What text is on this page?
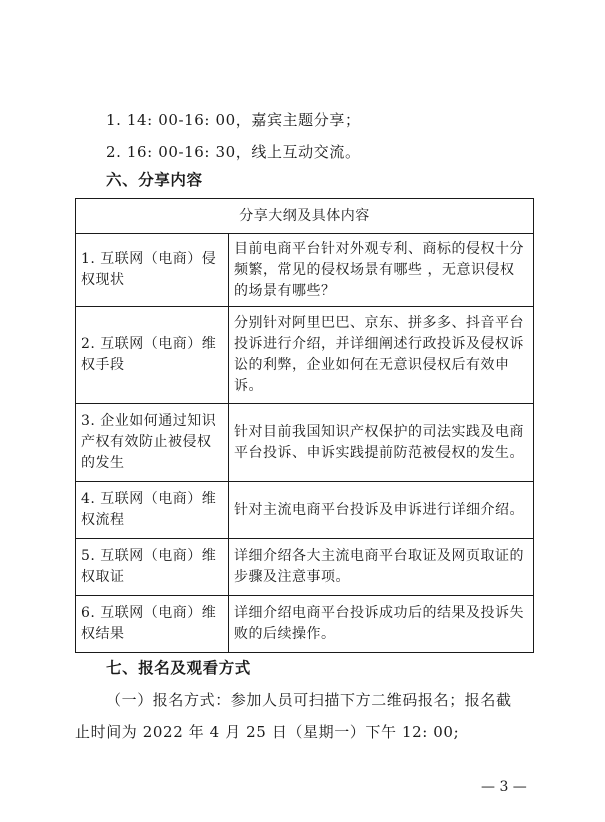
1. 14: 00-16: 00，嘉宾主题分享；
2. 16: 00-16: 30，线上互动交流。
六、分享内容
分享大纲及具体内容	
1. 互联网（电商）侵权现状	目前电商平台针对外观专利、商标的侵权十分频繁，常见的侵权场景有哪些 ，无意识侵权的场景有哪些？
2. 互联网（电商）维权手段	分别针对阿里巴巴、京东、拼多多、抖音平台投诉进行介绍，并详细阐述行政投诉及侵权诉讼的利弊，企业如何在无意识侵权后有效申诉。
3. 企业如何通过知识产权有效防止被侵权的发生	针对目前我国知识产权保护的司法实践及电商平台投诉、申诉实践提前防范被侵权的发生。
4. 互联网（电商）维权流程	针对主流电商平台投诉及申诉进行详细介绍。
5. 互联网（电商）维权取证	详细介绍各大主流电商平台取证及网页取证的步骤及注意事项。
6. 互联网（电商）维权结果	详细介绍电商平台投诉成功后的结果及投诉失败的后续操作。
七、报名及观看方式
（一）报名方式：参加人员可扫描下方二维码报名；报名截
止时间为 2022 年 4 月 25 日（星期一）下午 12: 00;
— 3 —
